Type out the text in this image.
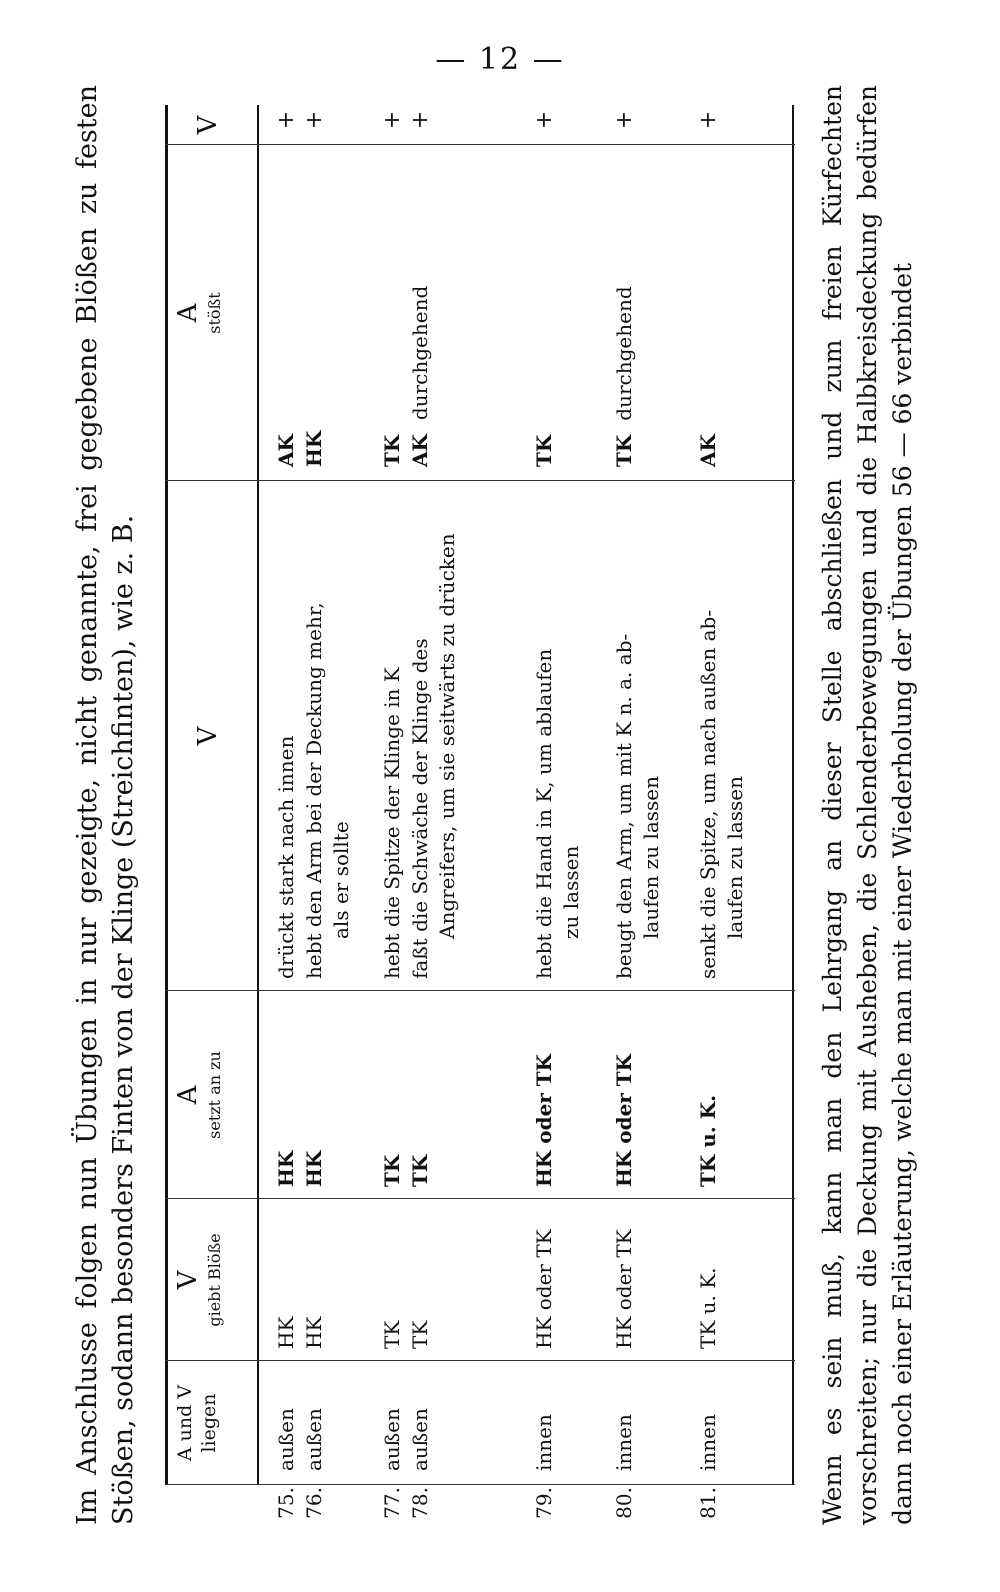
— 12 —

Im Anschlusse folgen nun Übungen in nur gezeigte, nicht genannte, frei gegebene Blößen zu festen Stößen, sodann besonders Finten von der Klinge (Streichfinten), wie z. B. A und V liegen
V giebt Blöße
A setzt an zu
V
A stößt
V
75.
außen
HK
HK
drückt stark nach innen
AK
+
76.
außen
HK
HK
hebt den Arm bei der Deckung mehr, als er sollte
HK
+
77.
außen
TK
TK
hebt die Spitze der Klinge in K
TK
+
78.
außen
TK
TK
faßt die Schwäche der Klinge des Angreifers, um sie seitwärts zu drücken
AKdurchgehend
+
79.
innen
HK oder TK
HK oder TK
hebt die Hand in K, um ablaufen zu lassen
TK
+
80.
innen
HK oder TK
HK oder TK
beugt den Arm, um mit K n. a. ab- laufen zu lassen
TKdurchgehend
+
81.
innen
TK u. K.
TK u. K.
senkt die Spitze, um nach außen ab- laufen zu lassen
AK
+	Wenn es sein muß, kann man den Lehrgang an dieser Stelle abschließen und zum freien Kürfechten vorschreiten; nur die Deckung mit Ausheben, die Schlenderbewegungen und die Halbkreisdeckung bedürfen dann noch einer Erläuterung, welche man mit einer Wiederholung der Übungen 56 — 66 verbindet
